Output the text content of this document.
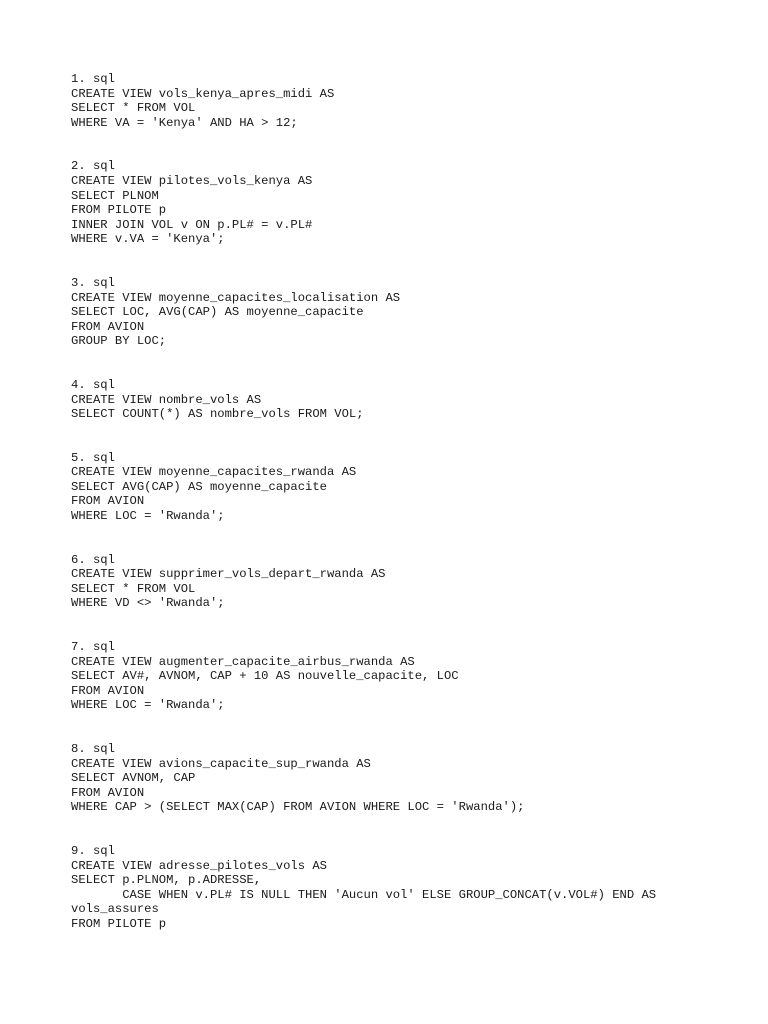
1. sql
CREATE VIEW vols_kenya_apres_midi AS
SELECT * FROM VOL
WHERE VA = 'Kenya' AND HA > 12;
2. sql
CREATE VIEW pilotes_vols_kenya AS
SELECT PLNOM
FROM PILOTE p
INNER JOIN VOL v ON p.PL# = v.PL#
WHERE v.VA = 'Kenya';
3. sql
CREATE VIEW moyenne_capacites_localisation AS
SELECT LOC, AVG(CAP) AS moyenne_capacite
FROM AVION
GROUP BY LOC;
4. sql
CREATE VIEW nombre_vols AS
SELECT COUNT(*) AS nombre_vols FROM VOL;
5. sql
CREATE VIEW moyenne_capacites_rwanda AS
SELECT AVG(CAP) AS moyenne_capacite
FROM AVION
WHERE LOC = 'Rwanda';
6. sql
CREATE VIEW supprimer_vols_depart_rwanda AS
SELECT * FROM VOL
WHERE VD <> 'Rwanda';
7. sql
CREATE VIEW augmenter_capacite_airbus_rwanda AS
SELECT AV#, AVNOM, CAP + 10 AS nouvelle_capacite, LOC
FROM AVION
WHERE LOC = 'Rwanda';
8. sql
CREATE VIEW avions_capacite_sup_rwanda AS
SELECT AVNOM, CAP
FROM AVION
WHERE CAP > (SELECT MAX(CAP) FROM AVION WHERE LOC = 'Rwanda');
9. sql
CREATE VIEW adresse_pilotes_vols AS
SELECT p.PLNOM, p.ADRESSE,
CASE WHEN v.PL# IS NULL THEN 'Aucun vol' ELSE GROUP_CONCAT(v.VOL#) END AS
vols_assures
FROM PILOTE p
